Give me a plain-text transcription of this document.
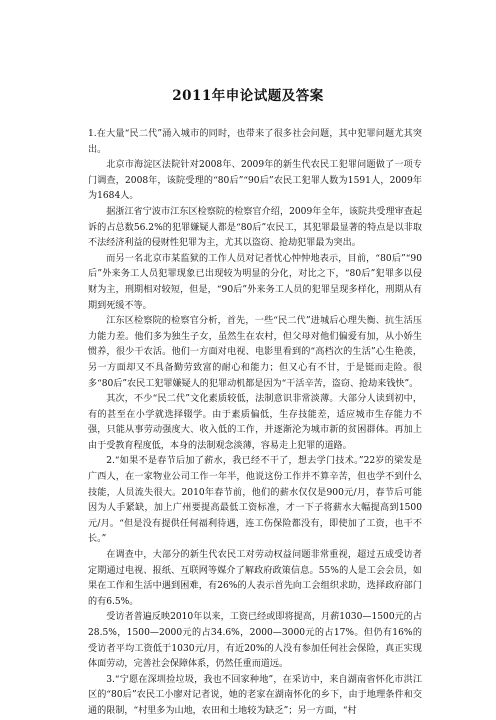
2011年申论试题及答案

1.在大量“民二代”涌入城市的同时，也带来了很多社会问题，其中犯罪问题尤其突出。

北京市海淀区法院针对2008年、2009年的新生代农民工犯罪问题做了一项专门调查，2008年，该院受理的“80后”“90后”农民工犯罪人数为1591人，2009年为1684人。

据浙江省宁波市江东区检察院的检察官介绍，2009年全年，该院共受理审查起诉的占总数56.2%的犯罪嫌疑人都是“80后”农民工，其犯罪最显著的特点是以非取不法经济利益的侵财性犯罪为主，尤其以盗窃、抢劫犯罪最为突出。

而另一名北京市某监狱的工作人员对记者忧心忡忡地表示，目前，“80后”“90后”外来务工人员犯罪现象已出现较为明显的分化，对比之下，“80后”犯罪多以侵财为主，刑期相对较短，但是，“90后”外来务工人员的犯罪呈现多样化，刑期从有期到死缓不等。

江东区检察院的检察官分析，首先，一些“民二代”进城后心理失衡、抗生活压力能力差。他们多为独生子女，虽然生在农村，但父母对他们偏爱有加，从小娇生惯养，很少干农活。他们一方面对电视、电影里看到的“高档次的生活”心生艳羡，另一方面却又不具备勤劳致富的耐心和能力；但又心有不甘，于是铤而走险。很多“80后”农民工犯罪嫌疑人的犯罪动机都是因为“干活辛苦，盗窃、抢劫来钱快”。

其次，不少“民二代”文化素质较低，法制意识非常淡薄。大部分人读到初中，有的甚至在小学就选择辍学。由于素质偏低，生存技能差，适应城市生存能力不强，只能从事劳动强度大、收入低的工作，并逐渐沦为城市新的贫困群体。再加上由于受教育程度低，本身的法制观念淡薄，容易走上犯罪的道路。

2.“如果不是春节后加了薪水，我已经不干了，想去学门技术。”22岁的梁发是广西人，在一家物业公司工作一年半，他说这份工作并不算辛苦，但也学不到什么技能，人员流失很大。2010年春节前，他们的薪水仅仅是900元/月，春节后可能因为人手紧缺，加上广州要提高最低工资标准，才一下子将薪水大幅提高到1500元/月。“但是没有提供任何福利待遇，连工伤保险都没有，即使加了工资，也干不长。”

在调查中，大部分的新生代农民工对劳动权益问题非常重视，超过五成受访者定期通过电视、报纸、互联网等媒介了解政府政策信息。55%的人是工会会员，如果在工作和生活中遇到困难，有26%的人表示首先向工会组织求助，选择政府部门的有6.5%。

受访者普遍反映2010年以来，工资已经或即将提高，月薪1030—1500元的占28.5%，1500—2000元的占34.6%，2000—3000元的占17%。但仍有16%的受访者平均工资低于1030元/月，有近20%的人没有参加任何社会保险，真正实现体面劳动，完善社会保障体系，仍然任重而道远。

3.“宁愿在深圳捡垃圾，我也不回家种地”，在采访中，来自湖南省怀化市洪江区的“80后”农民工小廖对记者说，她的老家在湖南怀化的乡下，由于地理条件和交通的限制，“村里多为山地，农田和土地较为缺乏”；另一方面，“村
